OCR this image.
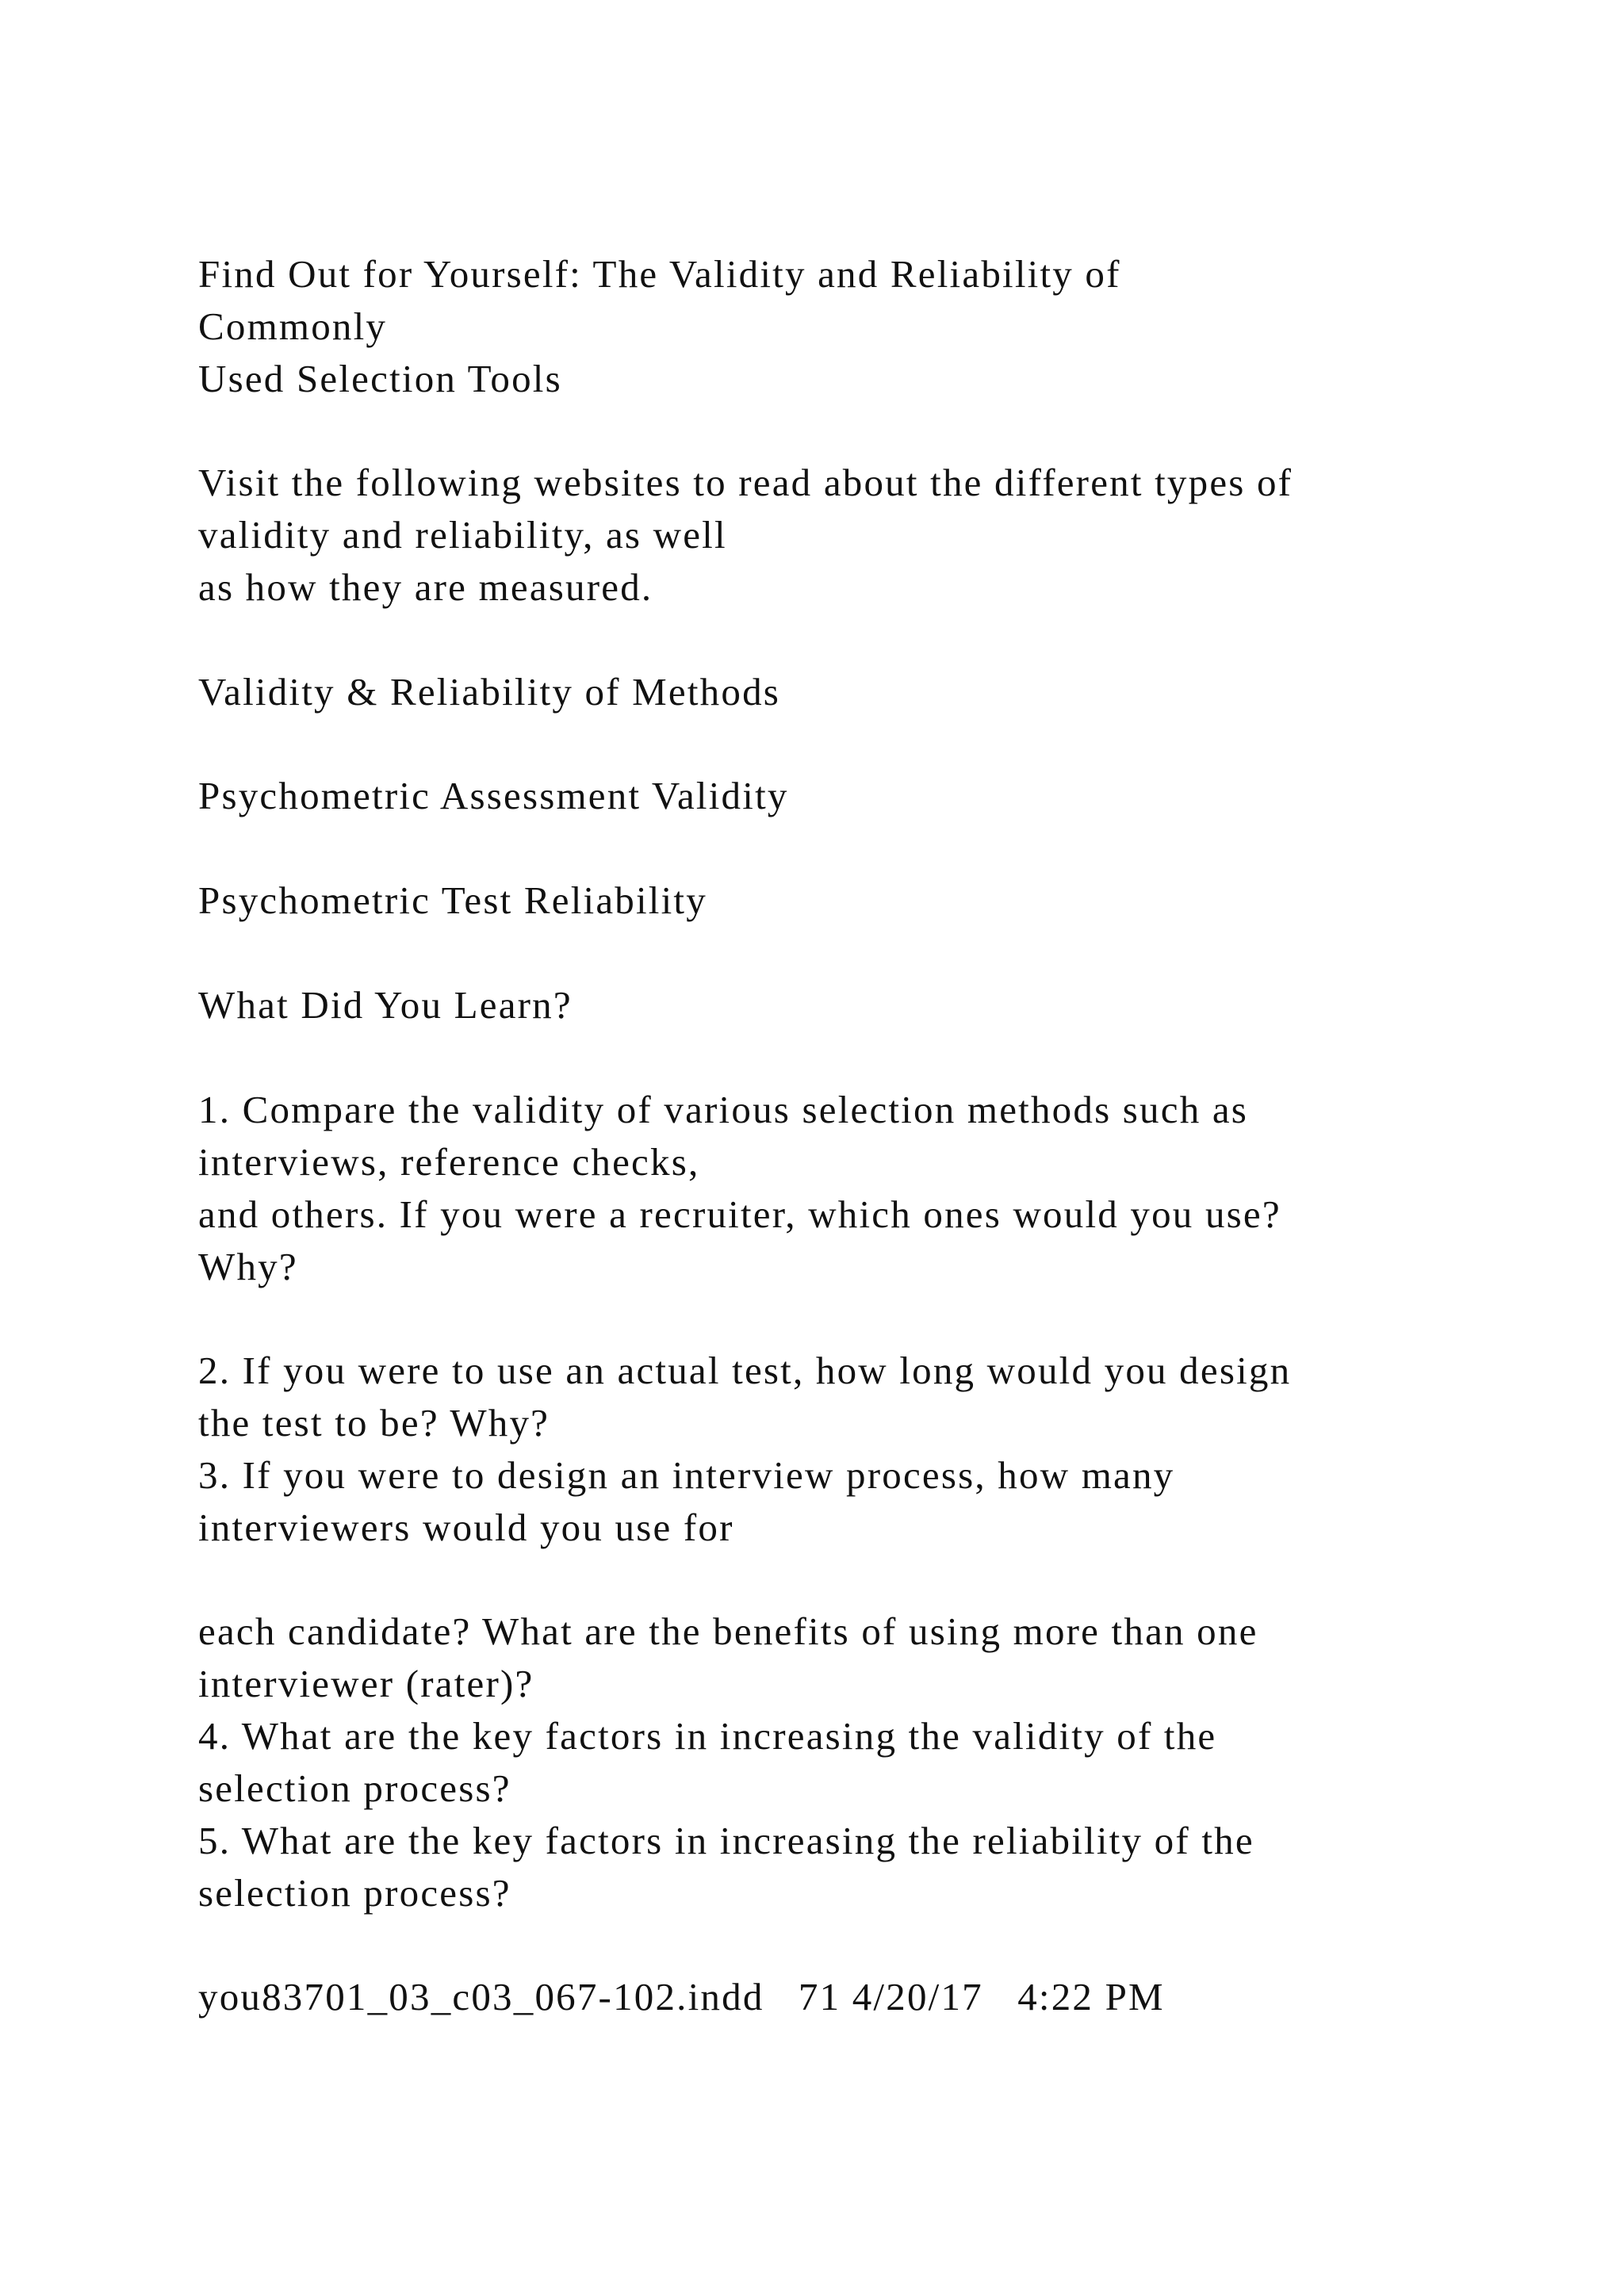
Find Out for Yourself: The Validity and Reliability of
Commonly
Used Selection Tools
Visit the following websites to read about the different types of
validity and reliability, as well
as how they are measured.
Validity & Reliability of Methods
Psychometric Assessment Validity
Psychometric Test Reliability
What Did You Learn?
1. Compare the validity of various selection methods such as
interviews, reference checks,
and others. If you were a recruiter, which ones would you use?
Why?
2. If you were to use an actual test, how long would you design
the test to be? Why?
3. If you were to design an interview process, how many
interviewers would you use for
each candidate? What are the benefits of using more than one
interviewer (rater)?
4. What are the key factors in increasing the validity of the
selection process?
5. What are the key factors in increasing the reliability of the
selection process?
you83701_03_c03_067-102.indd   71 4/20/17   4:22 PM
